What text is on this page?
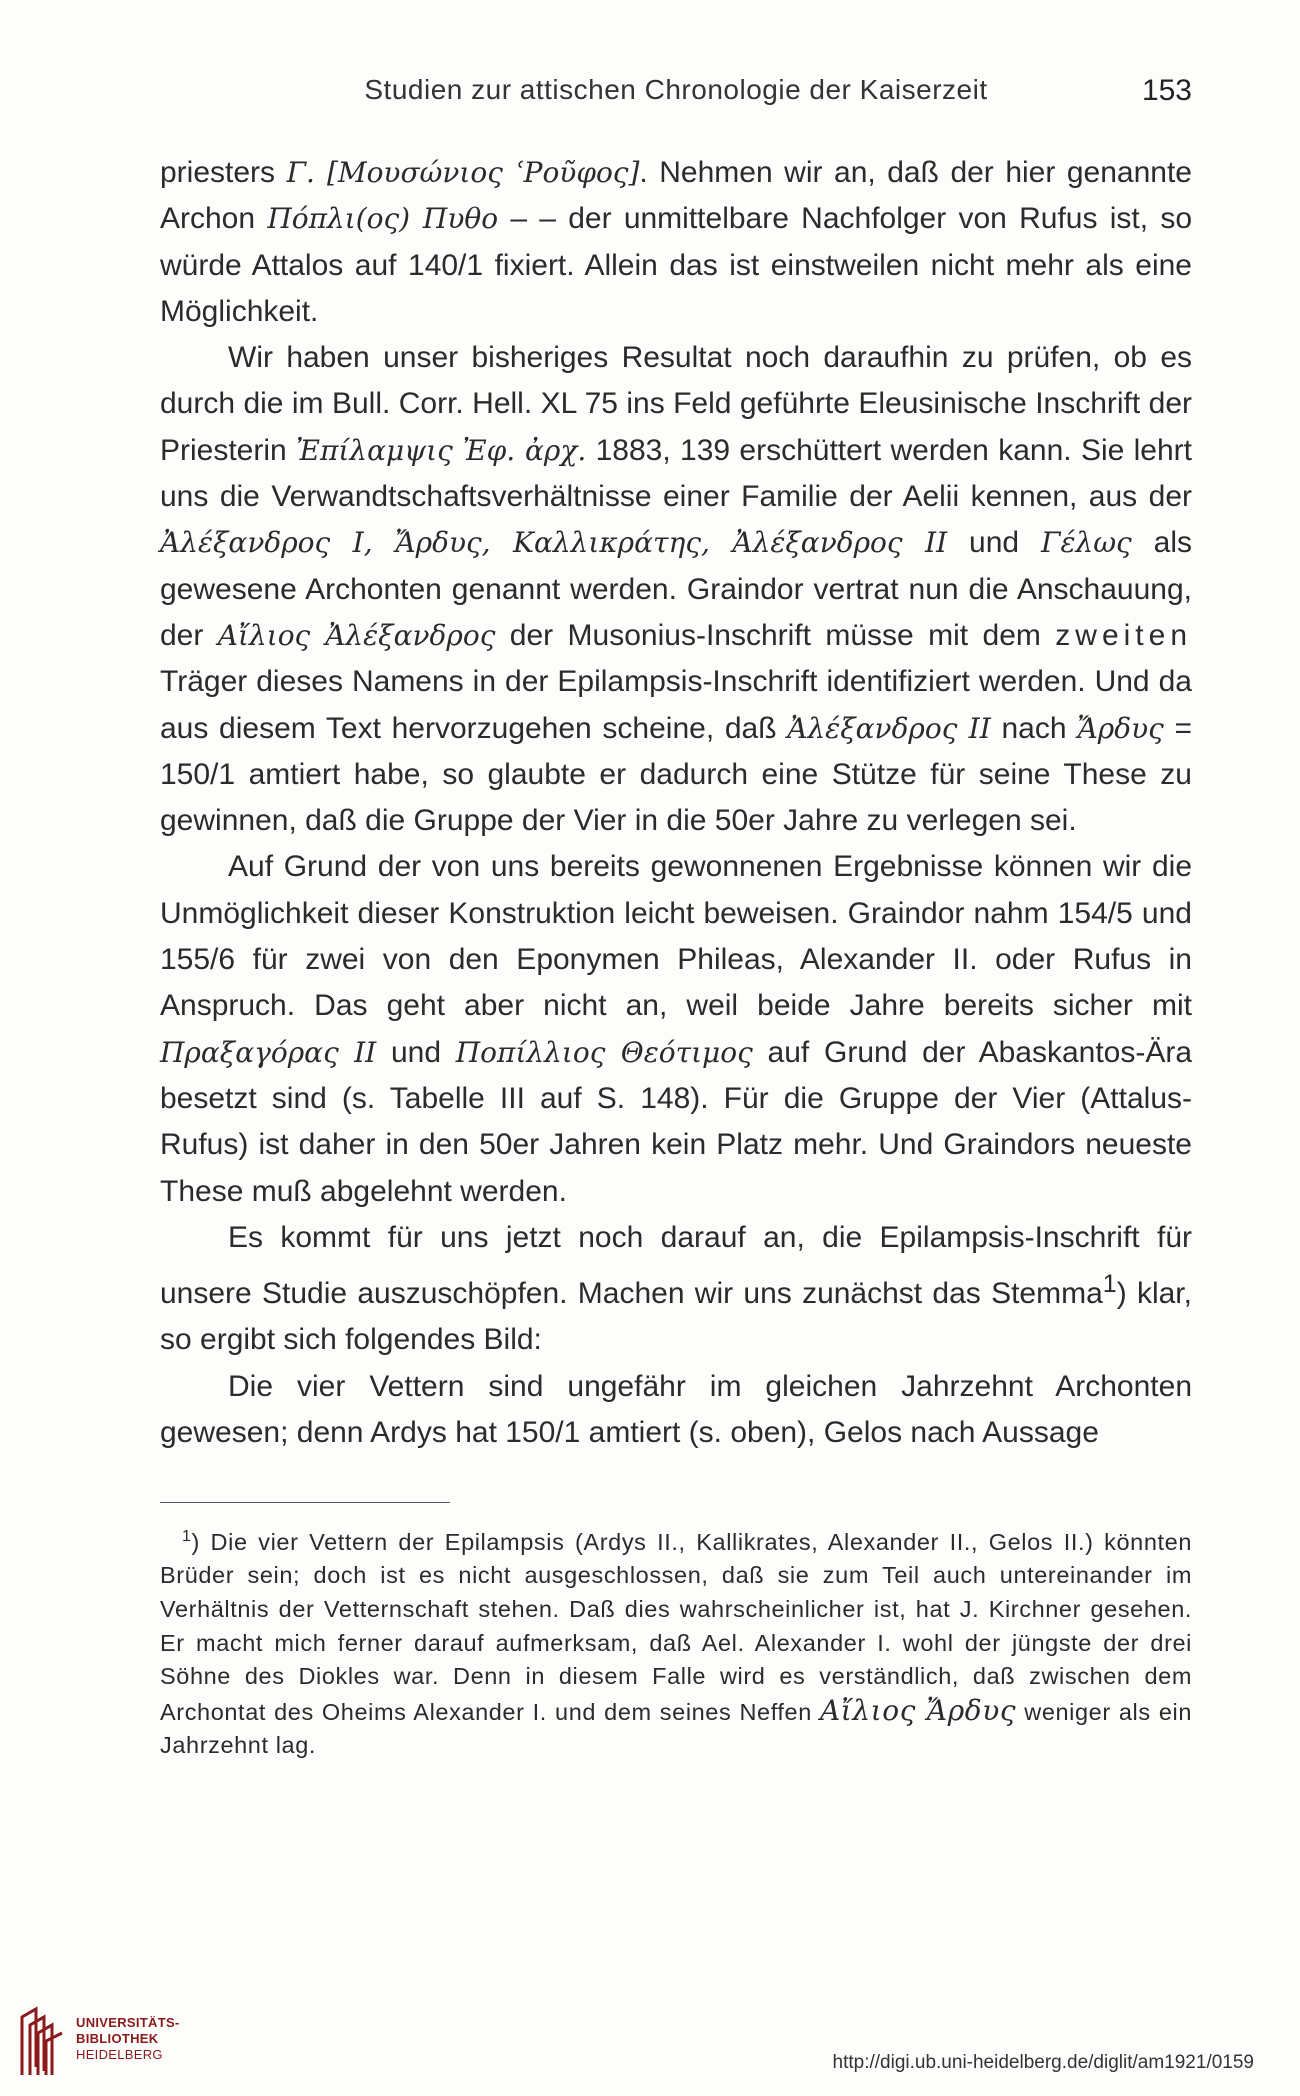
Studien zur attischen Chronologie der Kaiserzeit	153

priesters Γ. [Μουσώνιος ʿΡοῦφος]. Nehmen wir an, daß der hier genannte Archon Πόπλι(ος) Πυθο – – der unmittelbare Nachfolger von Rufus ist, so würde Attalos auf 140/1 fixiert. Allein das ist einstweilen nicht mehr als eine Möglichkeit.

Wir haben unser bisheriges Resultat noch daraufhin zu prüfen, ob es durch die im Bull. Corr. Hell. XL 75 ins Feld geführte Eleusinische Inschrift der Priesterin Ἐπίλαμψις Ἐφ. ἀρχ. 1883, 139 erschüttert werden kann. Sie lehrt uns die Verwandtschaftsverhältnisse einer Familie der Aelii kennen, aus der Ἀλέξανδρος I, Ἄρδυς, Καλλικράτης, Ἀλέξανδρος II und Γέλως als gewesene Archonten genannt werden. Graindor vertrat nun die Anschauung, der Αἴλιος Ἀλέξανδρος der Musonius-Inschrift müsse mit dem zweiten Träger dieses Namens in der Epilampsis-Inschrift identifiziert werden. Und da aus diesem Text hervorzugehen scheine, daß Ἀλέξανδρος II nach Ἄρδυς = 150/1 amtiert habe, so glaubte er dadurch eine Stütze für seine These zu gewinnen, daß die Gruppe der Vier in die 50er Jahre zu verlegen sei.

Auf Grund der von uns bereits gewonnenen Ergebnisse können wir die Unmöglichkeit dieser Konstruktion leicht beweisen. Graindor nahm 154/5 und 155/6 für zwei von den Eponymen Phileas, Alexander II. oder Rufus in Anspruch. Das geht aber nicht an, weil beide Jahre bereits sicher mit Πραξαγόρας II und Ποπίλλιος Θεότιμος auf Grund der Abaskantos-Ära besetzt sind (s. Tabelle III auf S. 148). Für die Gruppe der Vier (Attalus-Rufus) ist daher in den 50er Jahren kein Platz mehr. Und Graindors neueste These muß abgelehnt werden.

Es kommt für uns jetzt noch darauf an, die Epilampsis-Inschrift für unsere Studie auszuschöpfen. Machen wir uns zunächst das Stemma$^1$) klar, so ergibt sich folgendes Bild:

Die vier Vettern sind ungefähr im gleichen Jahrzehnt Archonten gewesen; denn Ardys hat 150/1 amtiert (s. oben), Gelos nach Aussage

$^1$) Die vier Vettern der Epilampsis (Ardys II., Kallikrates, Alexander II., Gelos II.) könnten Brüder sein; doch ist es nicht ausgeschlossen, daß sie zum Teil auch untereinander im Verhältnis der Vetternschaft stehen. Daß dies wahrscheinlicher ist, hat J. Kirchner gesehen. Er macht mich ferner darauf aufmerksam, daß Ael. Alexander I. wohl der jüngste der drei Söhne des Diokles war. Denn in diesem Falle wird es verständlich, daß zwischen dem Archontat des Oheims Alexander I. und dem seines Neffen Αἴλιος Ἄρδυς weniger als ein Jahrzehnt lag.

UNIVERSITÄTS-
BIBLIOTHEK
HEIDELBERG	http://digi.ub.uni-heidelberg.de/diglit/am1921/0159
